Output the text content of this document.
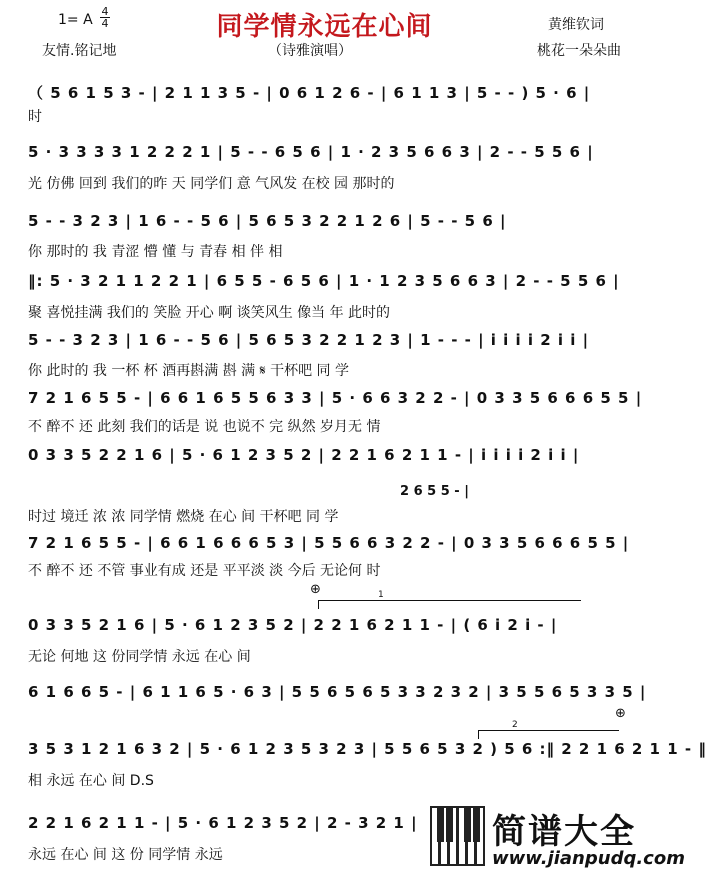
1= A
4
4	同学情永远在心间	黄维钦词
友情.铭记地	（诗雅演唱）	桃花一朵朵曲
（ 5 6 1 5 3 - | 2 1 1 3 5 - | 0 6 1 2 6 - | 6 1 1 3 | 5 - - ) 5 · 6 |
时
5 · 3 3 3 3 1 2 2 2 1 | 5 - - 6 5 6 | 1 · 2 3 5 6 6 3 | 2 - - 5 5 6 |
光 仿佛 回到 我们的昨 天 同学们 意 气风发 在校 园 那时的
5 - - 3 2 3 | 1 6 - - 5 6 | 5 6 5 3 2 2 1 2 6 | 5 - - 5 6 |
你 那时的 我 青涩 懵 懂 与 青春 相 伴 相
‖: 5 · 3 2 1 1 2 2 1 | 6 5 5 - 6 5 6 | 1 · 1 2 3 5 6 6 3 | 2 - - 5 5 6 |
聚 喜悦挂满 我们的 笑脸 开心 啊 谈笑风生 像当 年 此时的
5 - - 3 2 3 | 1 6 - - 5 6 | 5 6 5 3 2 2 1 2 3 | 1 - - - | i i i i 2 i i |
你 此时的 我 一杯 杯 酒再斟满 斟 满 𝄋 干杯吧 同 学
7 2 1 6 5 5 - | 6 6 1 6 5 5 6 3 3 | 5 · 6 6 3 2 2 - | 0 3 3 5 6 6 6 5 5 |
不 醉不 还 此刻 我们的话是 说 也说不 完 纵然 岁月无 情
0 3 3 5 2 2 1 6 | 5 · 6 1 2 3 5 2 | 2 2 1 6 2 1 1 - | i i i i 2 i i |
2 6 5 5 - |
时过 境迁 浓 浓 同学情 燃烧 在心 间 干杯吧 同 学
7 2 1 6 5 5 - | 6 6 1 6 6 6 5 3 | 5 5 6 6 3 2 2 - | 0 3 3 5 6 6 6 5 5 |
不 醉不 还 不管 事业有成 还是 平平淡 淡 今后 无论何 时
⊕	1
0 3 3 5 2 1 6 | 5 · 6 1 2 3 5 2 | 2 2 1 6 2 1 1 - | ( 6 i 2 i - |
无论 何地 这 份同学情 永远 在心 间
6 1 6 6 5 - | 6 1 1 6 5 · 6 3 | 5 5 6 5 6 5 3 3 2 3 2 | 3 5 5 6 5 3 3 5 |
2
⊕
3 5 3 1 2 1 6 3 2 | 5 · 6 1 2 3 5 3 2 3 | 5 5 6 5 3 2 ) 5 6 :‖ 2 2 1 6 2 1 1 - ‖
相 永远 在心 间 D.S
2 2 1 6 2 1 1 - | 5 · 6 1 2 3 5 2 | 2 - 3 2 1 |
永远 在心 间 这 份 同学情 永远
简谱大全
www.jianpudq.com
